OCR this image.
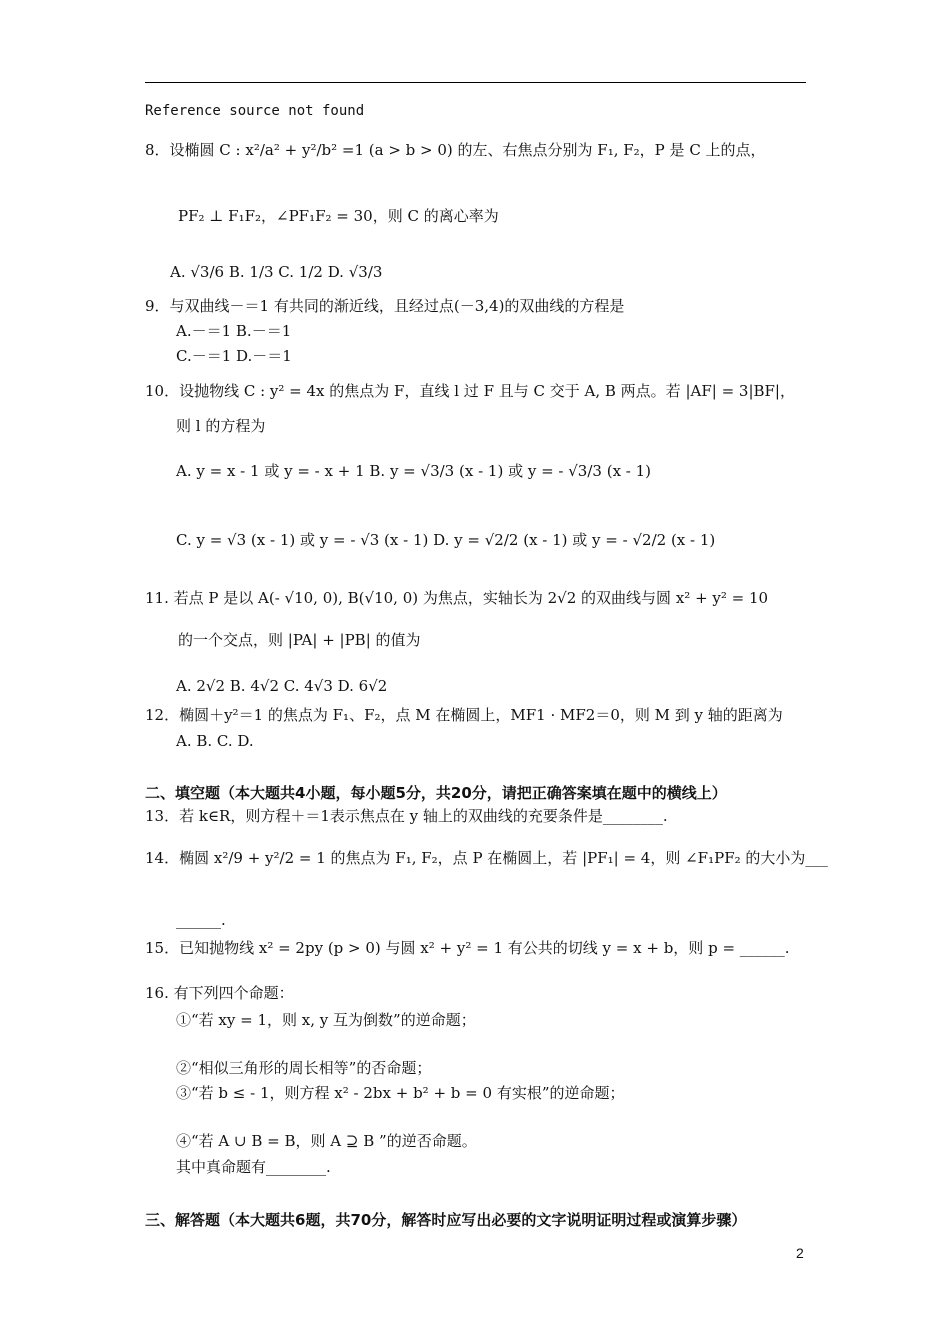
Reference source not found
8．设椭圆 C : x²/a² + y²/b² =1 (a > b > 0) 的左、右焦点分别为 F₁, F₂，P 是 C 上的点，
PF₂ ⊥ F₁F₂，∠PF₁F₂ = 30，则 C 的离心率为
A. √3/6 B. 1/3 C. 1/2 D. √3/3
9．与双曲线－＝1 有共同的渐近线，且经过点(－3,4)的双曲线的方程是
A.－＝1 B.－＝1
C.－＝1 D.－＝1
10．设抛物线 C : y² = 4x 的焦点为 F，直线 l 过 F 且与 C 交于 A, B 两点。若 |AF| = 3|BF|，
则 l 的方程为
A. y = x - 1 或 y = - x + 1 B. y = √3/3 (x - 1) 或 y = - √3/3 (x - 1)
C. y = √3 (x - 1) 或 y = - √3 (x - 1) D. y = √2/2 (x - 1) 或 y = - √2/2 (x - 1)
11. 若点 P 是以 A(- √10, 0), B(√10, 0) 为焦点，实轴长为 2√2 的双曲线与圆 x² + y² = 10
的一个交点，则 |PA| + |PB| 的值为
A. 2√2 B. 4√2 C. 4√3 D. 6√2
12．椭圆＋y²＝1 的焦点为 F₁、F₂，点 M 在椭圆上，MF1 · MF2＝0，则 M 到 y 轴的距离为
A. B. C. D.
二、填空题（本大题共4小题，每小题5分，共20分，请把正确答案填在题中的横线上）
13．若 k∈R，则方程＋＝1表示焦点在 y 轴上的双曲线的充要条件是________.
14．椭圆 x²/9 + y²/2 = 1 的焦点为 F₁, F₂，点 P 在椭圆上，若 |PF₁| = 4，则 ∠F₁PF₂ 的大小为___
______.
15．已知抛物线 x² = 2py (p > 0) 与圆 x² + y² = 1 有公共的切线 y = x + b，则 p = ______.
16. 有下列四个命题：
①“若 xy = 1，则 x, y 互为倒数”的逆命题；
②“相似三角形的周长相等”的否命题；
③“若 b ≤ - 1，则方程 x² - 2bx + b² + b = 0 有实根”的逆命题；
④“若 A ∪ B = B，则 A ⊇ B ”的逆否命题。
其中真命题有________.
三、解答题（本大题共6题，共70分，解答时应写出必要的文字说明证明过程或演算步骤）
2
